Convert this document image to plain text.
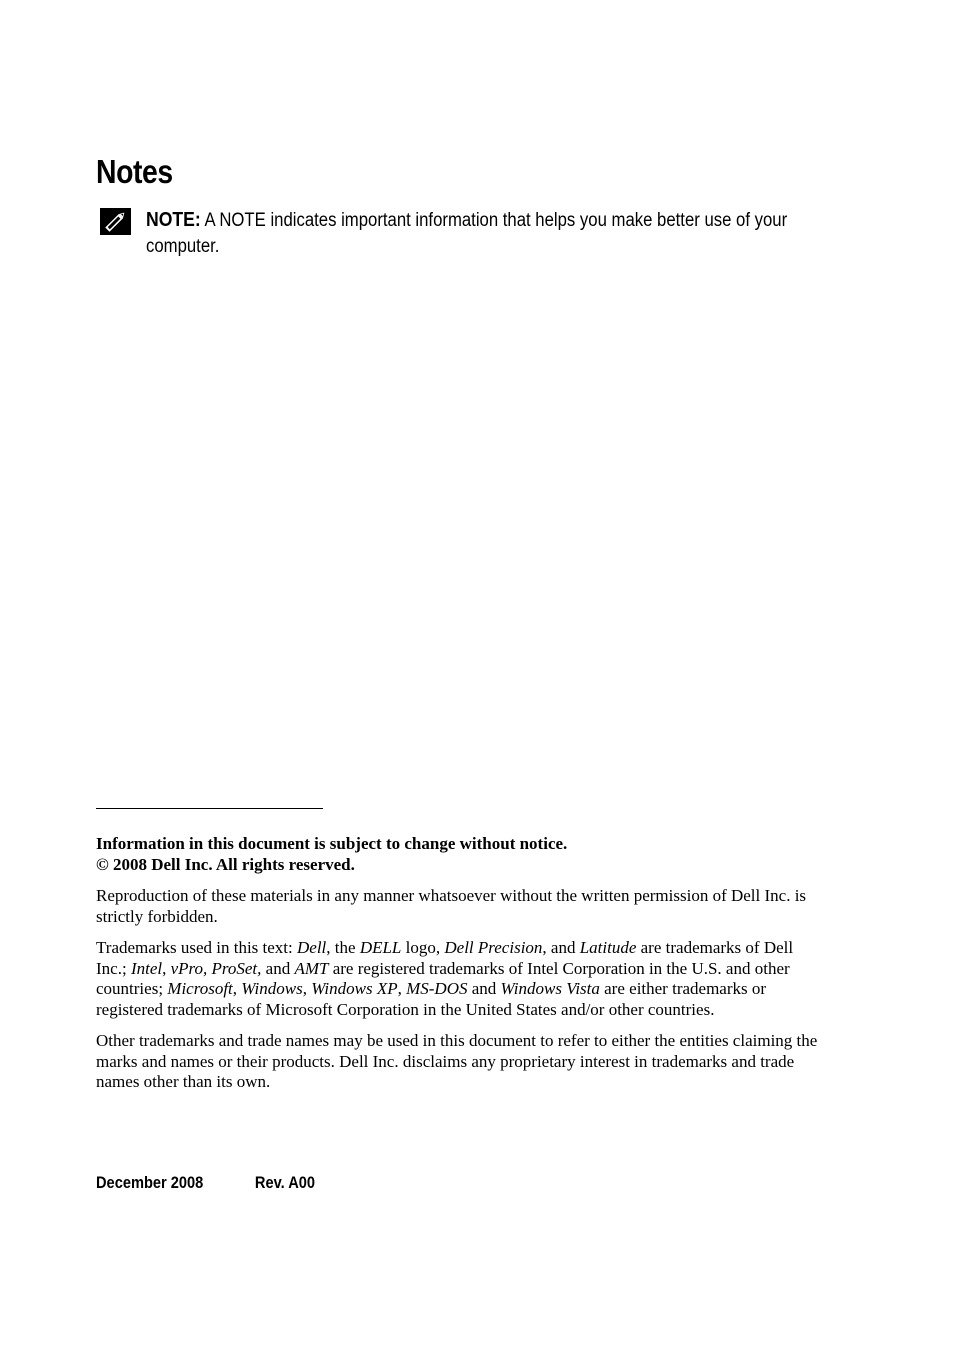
Notes
NOTE: A NOTE indicates important information that helps you make better use of your computer.

Information in this document is subject to change without notice.
© 2008 Dell Inc. All rights reserved.

Reproduction of these materials in any manner whatsoever without the written permission of Dell Inc. is strictly forbidden.

Trademarks used in this text: Dell, the DELL logo, Dell Precision, and Latitude are trademarks of Dell Inc.; Intel, vPro, ProSet, and AMT are registered trademarks of Intel Corporation in the U.S. and other countries; Microsoft, Windows, Windows XP, MS-DOS and Windows Vista are either trademarks or registered trademarks of Microsoft Corporation in the United States and/or other countries.

Other trademarks and trade names may be used in this document to refer to either the entities claiming the marks and names or their products. Dell Inc. disclaims any proprietary interest in trademarks and trade names other than its own.

December 2008	Rev. A00
